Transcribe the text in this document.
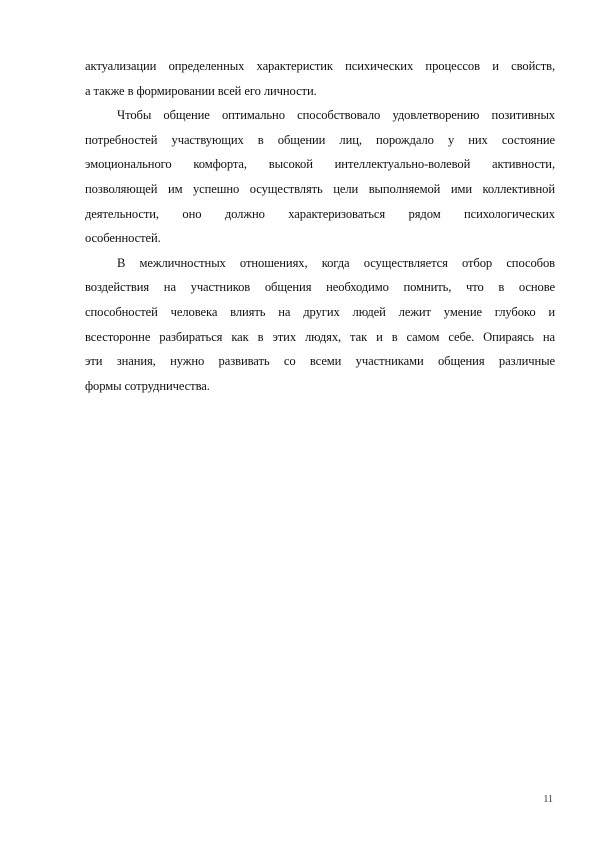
актуализации определенных характеристик психических процессов и свойств,
а также в формировании всей его личности.
Чтобы общение оптимально способствовало удовлетворению позитивных
потребностей участвующих в общении лиц, порождало у них состояние
эмоционального комфорта, высокой интеллектуально-волевой активности,
позволяющей им успешно осуществлять цели выполняемой ими коллективной
деятельности, оно должно характеризоваться рядом психологических
особенностей.
В межличностных отношениях, когда осуществляется отбор способов
воздействия на участников общения необходимо помнить, что в основе
способностей человека влиять на других людей лежит умение глубоко и
всесторонне разбираться как в этих людях, так и в самом себе. Опираясь на
эти знания, нужно развивать со всеми участниками общения различные
формы сотрудничества.
11
